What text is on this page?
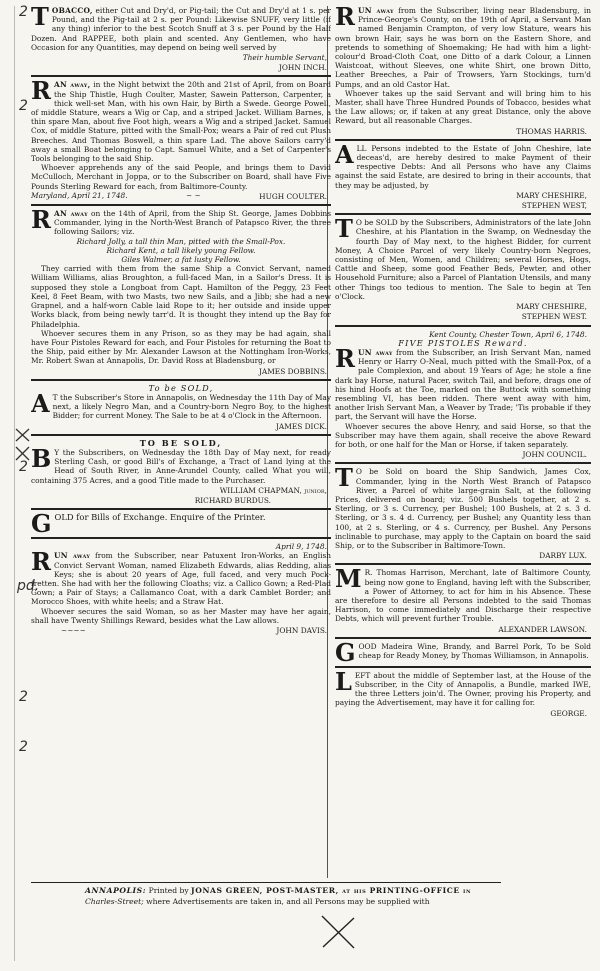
2
2
2
pd.
2
2

TOBACCO, either Cut and Dry'd, or Pig-tail; the Cut and Dry'd at 1 s. per Pound, and the Pig-tail at 2 s. per Pound: Likewise SNUFF, very little (if any thing) inferior to the best Scotch Snuff at 3 s. per Pound by the Half Dozen. And RAPPEE, both plain and scented. Any Gentlemen, who have Occasion for any Quantities, may depend on being well served by

Their humble Servant,
JOHN INCH.

RAN away, in the Night betwixt the 20th and 21st of April, from on Board the Ship Thistle, Hugh Coulter, Master, Sawein Patterson, Carpenter, a thick well-set Man, with his own Hair, by Birth a Swede. George Powell, of middle Stature, wears a Wig or Cap, and a striped Jacket. William Barnes, a thin spare Man, about five Foot high, wears a Wig and a striped Jacket. Samuel Cox, of middle Stature, pitted with the Small-Pox; wears a Pair of red cut Plush Breeches. And Thomas Boswell, a thin spare Lad. The above Sailors carry'd away a small Boat belonging to Capt. Samuel White, and a Set of Carpenter's Tools belonging to the said Ship.

Whoever apprehends any of the said People, and brings them to David McCulloch, Merchant in Joppa, or to the Subscriber on Board, shall have Five Pounds Sterling Reward for each, from Baltimore-County.

Maryland, April 21, 1748.	~ ~	HUGH COULTER.

RAN away on the 14th of April, from the Ship St. George, James Dobbins Commander, lying in the North-West Branch of Patapsco River, the three following Sailors; viz.

Richard Jolly, a tall thin Man, pitted with the Small-Pox.

Richard Kent, a tall likely young Fellow.

Giles Walmer, a fat lusty Fellow.

They carried with them from the same Ship a Convict Servant, named William Williams, alias Broughton, a full-faced Man, in a Sailor's Dress. It is supposed they stole a Longboat from Capt. Hamilton of the Peggy, 23 Feet Keel, 8 Feet Beam, with two Masts, two new Sails, and a Jibb; she had a new Grapnel, and a half-worn Cable laid Rope to it; her outside and inside upper Works black, from being newly tarr'd. It is thought they intend up the Bay for Philadelphia.

Whoever secures them in any Prison, so as they may be had again, shall have Four Pistoles Reward for each, and Four Pistoles for returning the Boat to the Ship, paid either by Mr. Alexander Lawson at the Nottingham Iron-Works, Mr. Robert Swan at Annapolis, Dr. David Ross at Bladensburg, or

JAMES DOBBINS.
To be SOLD,

A T the Subscriber's Store in Annapolis, on Wednesday the 11th Day of May next, a likely Negro Man, and a Country-born Negro Boy, to the highest Bidder; for current Money. The Sale to be at 4 o'Clock in the Afternoon.

JAMES DICK.
TO BE SOLD,

B Y the Subscribers, on Wednesday the 18th Day of May next, for ready Sterling Cash, or good Bill's of Exchange, a Tract of Land lying at the Head of South River, in Anne-Arundel County, called What you will, containing 375 Acres, and a good Title made to the Purchaser.

WILLIAM CHAPMAN, junior,
RICHARD BURDUS.

GOLD for Bills of Exchange. Enquire of the Printer.

April 9, 1748.

RUN away from the Subscriber, near Patuxent Iron-Works, an English Convict Servant Woman, named Elizabeth Edwards, alias Redding, alias Keys; she is about 20 years of Age, full faced, and very much Pock-fretten. She had with her the following Cloaths; viz. a Callico Gown; a Red-Plad Gown; a Pair of Stays; a Callamanco Coat, with a dark Camblet Border; and Morocco Shoes, with white heels; and a Straw Hat.

Whoever secures the said Woman, so as her Master may have her again, shall have Twenty Shillings Reward, besides what the Law allows.

~~~~	JOHN DAVIS.

RUN away from the Subscriber, living near Bladensburg, in Prince-George's County, on the 19th of April, a Servant Man named Benjamin Crampton, of very low Stature, wears his own brown Hair, says he was born on the Eastern Shore, and pretends to something of Shoemaking; He had with him a light-colour'd Broad-Cloth Coat, one Ditto of a dark Colour, a Linnen Waistcoat, without Sleeves, one white Shirt, one brown Ditto, Leather Breeches, a Pair of Trowsers, Yarn Stockings, turn'd Pumps, and an old Castor Hat.

Whoever takes up the said Servant and will bring him to his Master, shall have Three Hundred Pounds of Tobacco, besides what the Law allows; or, if taken at any great Distance, only the above Reward, but all reasonable Charges.

THOMAS HARRIS.

ALL Persons indebted to the Estate of John Cheshire, late deceas'd, are hereby desired to make Payment of their respective Debts: And all Persons who have any Claims against the said Estate, are desired to bring in their accounts, that they may be adjusted, by

MARY CHESHIRE,
STEPHEN WEST,

T O be SOLD by the Subscribers, Administrators of the late John Cheshire, at his Plantation in the Swamp, on Wednesday the fourth Day of May next, to the highest Bidder, for current Money, A Choice Parcel of very likely Country-born Negroes, consisting of Men, Women, and Children; several Horses, Hogs, Cattle and Sheep, some good Feather Beds, Pewter, and other Household Furniture; also a Parcel of Plantation Utensils, and many other Things too tedious to mention. The Sale to begin at Ten o'Clock.

MARY CHESHIRE,
STEPHEN WEST.
Kent County, Chester Town, April 6, 1748.
FIVE PISTOLES Reward.

RUN away from the Subscriber, an Irish Servant Man, named Henry or Harry O-Neal, much pitted with the Small-Pox, of a pale Complexion, and about 19 Years of Age; he stole a fine dark bay Horse, natural Pacer, switch Tail, and before, drags one of his hind Hoofs at the Toe, marked on the Buttock with something resembling VI, has been ridden. There went away with him, another Irish Servant Man, a Weaver by Trade; 'Tis probable if they part, the Servant will have the Horse.

Whoever secures the above Henry, and said Horse, so that the Subscriber may have them again, shall receive the above Reward for both, or one half for the Man or Horse, if taken separately.

JOHN COUNCIL.

T O be Sold on board the Ship Sandwich, James Cox, Commander, lying in the North West Branch of Patapsco River, a Parcel of white large-grain Salt, at the following Prices, delivered on board; viz. 500 Bushels together, at 2 s. Sterling, or 3 s. Currency, per Bushel; 100 Bushels, at 2 s. 3 d. Sterling, or 3 s. 4 d. Currency, per Bushel; any Quantity less than 100, at 2 s. Sterling, or 4 s. Currency, per Bushel. Any Persons inclinable to purchase, may apply to the Captain on board the said Ship, or to the Subscriber in Baltimore-Town.

DARBY LUX.

M R. Thomas Harrison, Merchant, late of Baltimore County, being now gone to England, having left with the Subscriber, a Power of Attorney, to act for him in his Absence. These are therefore to desire all Persons indebted to the said Thomas Harrison, to come immediately and Discharge their respective Debts, which will prevent further Trouble.

ALEXANDER LAWSON.

GOOD Madeira Wine, Brandy, and Barrel Pork, To be Sold cheap for Ready Money, by Thomas Williamson, in Annapolis.

LEFT about the middle of September last, at the House of the Subscriber, in the City of Annapolis, a Bundle, marked IWE, the three Letters join'd. The Owner, proving his Property, and paying the Advertisement, may have it for calling for.

GEORGE.
ANNAPOLIS: Printed by JONAS GREEN, POST-MASTER, at his PRINTING-OFFICE in
Charles-Street; where Advertisements are taken in, and all Persons may be supplied with
